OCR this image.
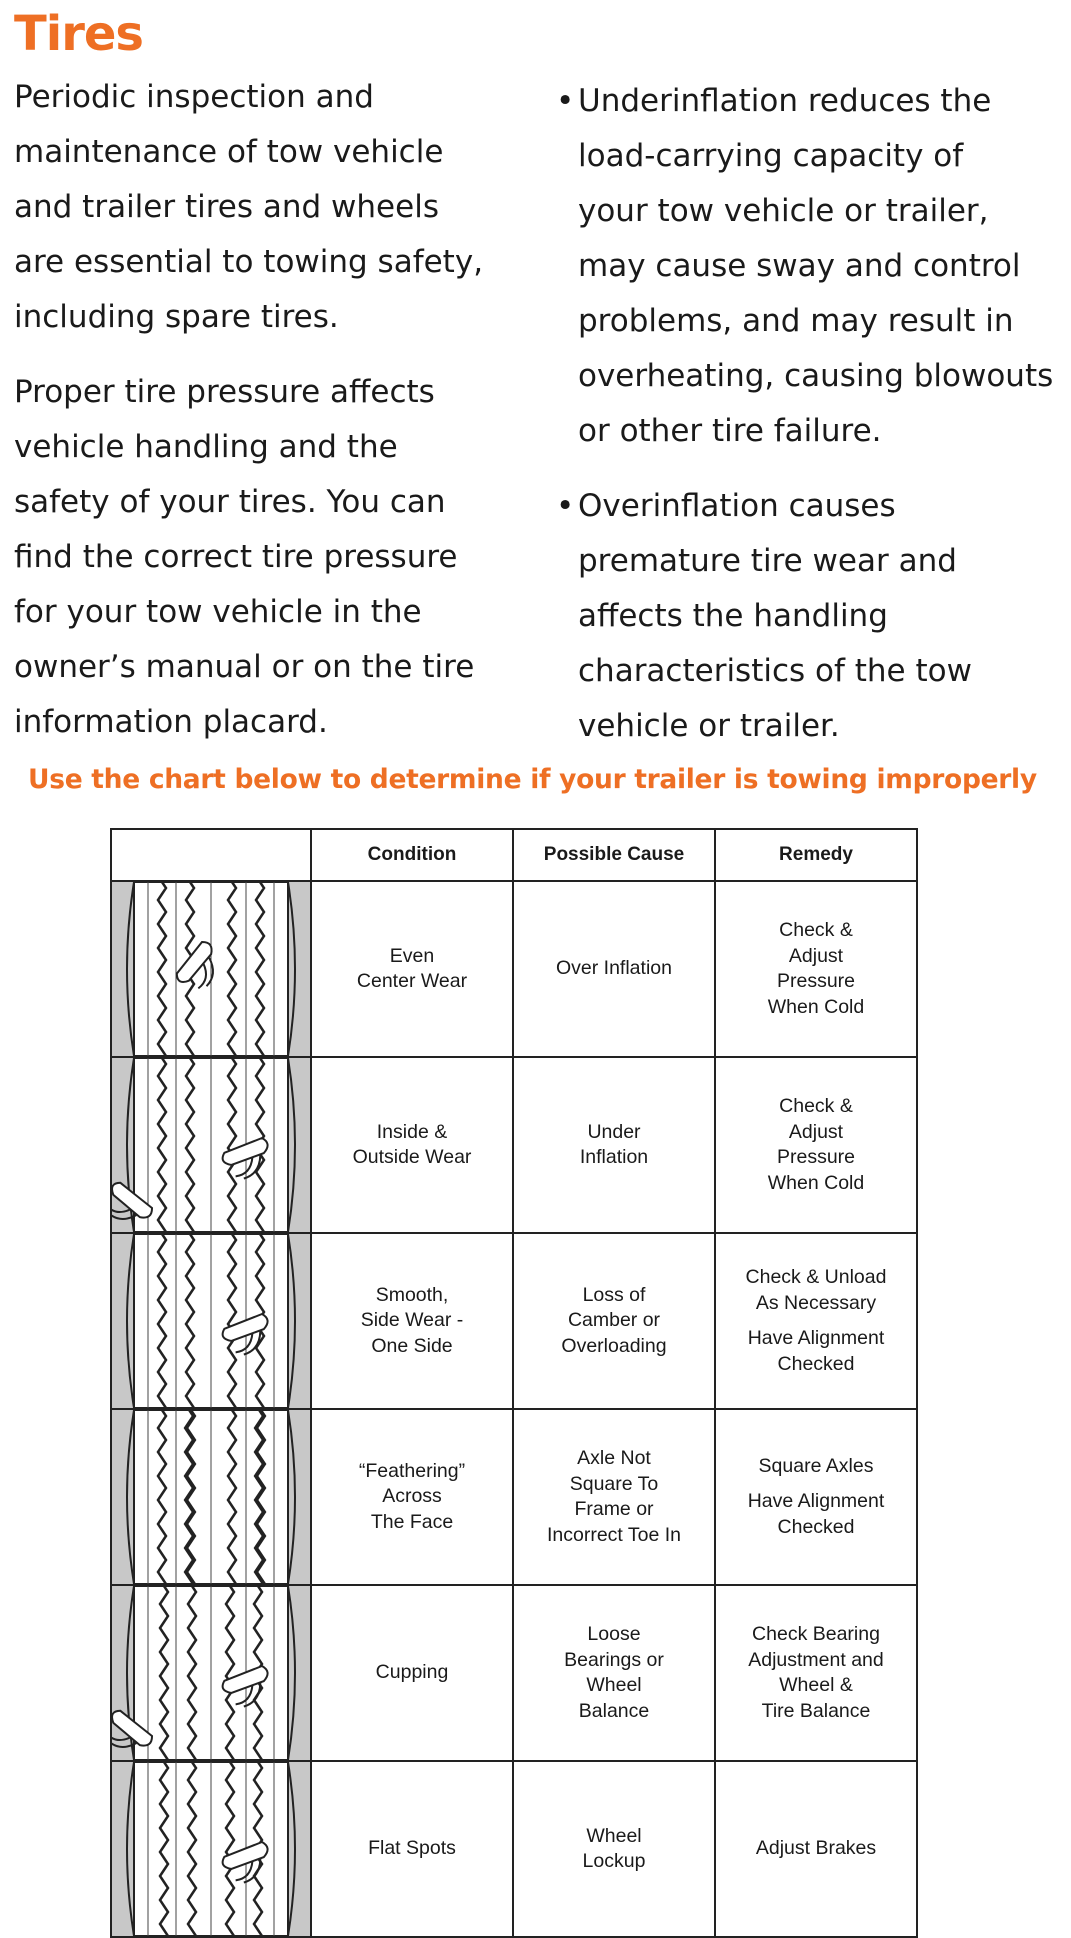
Tires

Periodic inspection and
maintenance of tow vehicle
and trailer tires and wheels
are essential to towing safety,
including spare tires.

Proper tire pressure affects
vehicle handling and the
safety of your tires. You can
find the correct tire pressure
for your tow vehicle in the
owner’s manual or on the tire
information placard.

• Underinflation reduces the
load-carrying capacity of
your tow vehicle or trailer,
may cause sway and control
problems, and may result in
overheating, causing blowouts
or other tire failure.
• Overinflation causes
premature tire wear and
affects the handling
characteristics of the tow
vehicle or trailer.
Use the chart below to determine if your trailer is towing improperly
	Condition	Possible Cause	Remedy

Even
Center Wear	Over Inflation	Check &
Adjust
Pressure
When Cold

Inside &
Outside Wear	Under
Inflation	Check &
Adjust
Pressure
When Cold

Smooth,
Side Wear -
One Side	Loss of
Camber or
Overloading	Check & Unload
As Necessary
Have Alignment
Checked

“Feathering”
Across
The Face	Axle Not
Square To
Frame or
Incorrect Toe In	Square Axles
Have Alignment
Checked

Cupping	Loose
Bearings or
Wheel
Balance	Check Bearing
Adjustment and
Wheel &
Tire Balance

Flat Spots	Wheel
Lockup	Adjust Brakes
